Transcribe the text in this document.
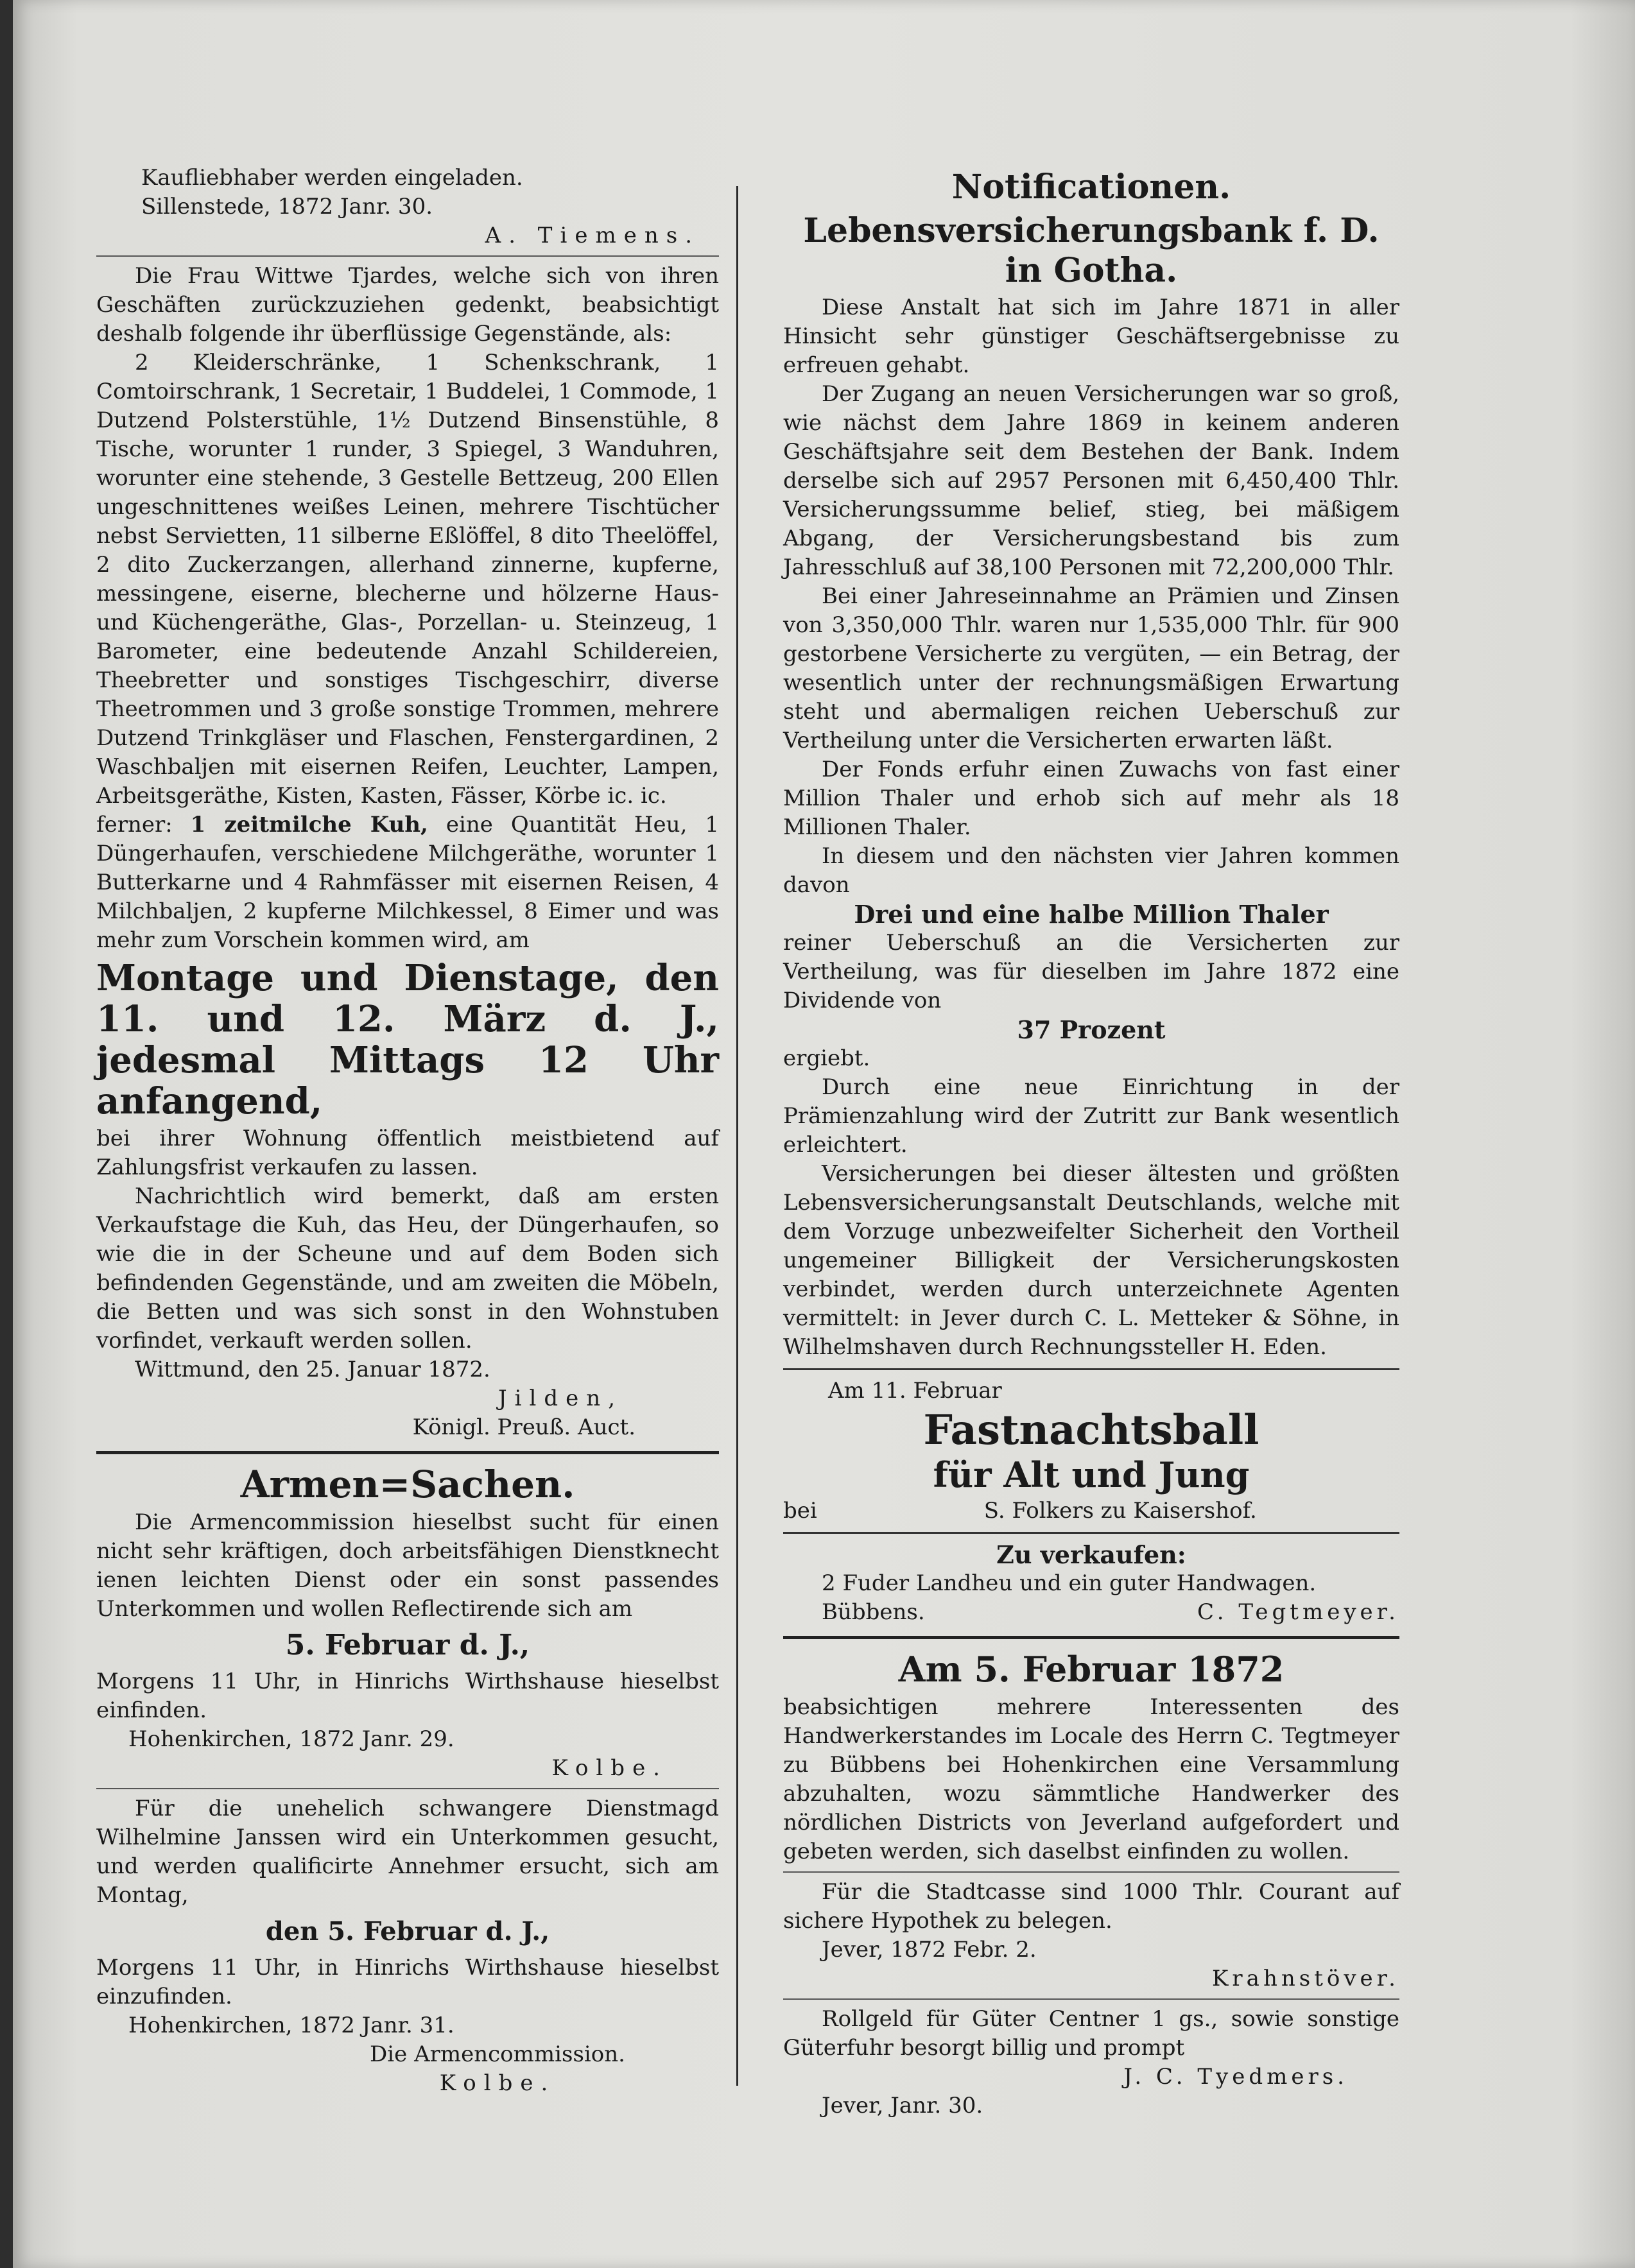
Kaufliebhaber werden eingeladen.

Sillenstede, 1872 Janr. 30.

A. Tiemens.

Die Frau Wittwe Tjardes, welche sich von ihren Geschäften zurückzuziehen gedenkt, beabsichtigt deshalb folgende ihr überflüssige Gegenstände, als:

2 Kleiderschränke, 1 Schenkschrank, 1 Comtoirschrank, 1 Secretair, 1 Buddelei, 1 Commode, 1 Dutzend Polsterstühle, 1½ Dutzend Binsenstühle, 8 Tische, worunter 1 runder, 3 Spiegel, 3 Wanduhren, worunter eine stehende, 3 Gestelle Bettzeug, 200 Ellen ungeschnittenes weißes Leinen, mehrere Tischtücher nebst Servietten, 11 silberne Eßlöffel, 8 dito Theelöffel, 2 dito Zuckerzangen, allerhand zinnerne, kupferne, messingene, eiserne, blecherne und hölzerne Haus- und Küchengeräthe, Glas-, Porzellan- u. Steinzeug, 1 Barometer, eine bedeutende Anzahl Schildereien, Theebretter und sonstiges Tischgeschirr, diverse Theetrommen und 3 große sonstige Trommen, mehrere Dutzend Trinkgläser und Flaschen, Fenstergardinen, 2 Waschbaljen mit eisernen Reifen, Leuchter, Lampen, Arbeitsgeräthe, Kisten, Kasten, Fässer, Körbe ic. ic.

ferner: 1 zeitmilche Kuh, eine Quantität Heu, 1 Düngerhaufen, verschiedene Milchgeräthe, worunter 1 Butterkarne und 4 Rahmfässer mit eisernen Reisen, 4 Milchbaljen, 2 kupferne Milchkessel, 8 Eimer und was mehr zum Vorschein kommen wird, am

Montage und Dienstage, den 11. und 12. März d. J., jedesmal Mittags 12 Uhr anfangend,

bei ihrer Wohnung öffentlich meistbietend auf Zahlungsfrist verkaufen zu lassen.

Nachrichtlich wird bemerkt, daß am ersten Verkaufstage die Kuh, das Heu, der Düngerhaufen, so wie die in der Scheune und auf dem Boden sich befindenden Gegenstände, und am zweiten die Möbeln, die Betten und was sich sonst in den Wohnstuben vorfindet, verkauft werden sollen.

Wittmund, den 25. Januar 1872.

Jilden,

Königl. Preuß. Auct.

Armen=Sachen.

Die Armencommission hieselbst sucht für einen nicht sehr kräftigen, doch arbeitsfähigen Dienstknecht ienen leichten Dienst oder ein sonst passendes Unterkommen und wollen Reflectirende sich am

5. Februar d. J.,

Morgens 11 Uhr, in Hinrichs Wirthshause hieselbst einfinden.

Hohenkirchen, 1872 Janr. 29.

Kolbe.

Für die unehelich schwangere Dienstmagd Wilhelmine Janssen wird ein Unterkommen gesucht, und werden qualificirte Annehmer ersucht, sich am Montag,

den 5. Februar d. J.,

Morgens 11 Uhr, in Hinrichs Wirthshause hieselbst einzufinden.

Hohenkirchen, 1872 Janr. 31.

Die Armencommission.

Kolbe.

Notificationen.

Lebensversicherungsbank f. D. in Gotha.

Diese Anstalt hat sich im Jahre 1871 in aller Hinsicht sehr günstiger Geschäftsergebnisse zu erfreuen gehabt.

Der Zugang an neuen Versicherungen war so groß, wie nächst dem Jahre 1869 in keinem anderen Geschäftsjahre seit dem Bestehen der Bank. Indem derselbe sich auf 2957 Personen mit 6,450,400 Thlr. Versicherungssumme belief, stieg, bei mäßigem Abgang, der Versicherungsbestand bis zum Jahresschluß auf 38,100 Personen mit 72,200,000 Thlr.

Bei einer Jahreseinnahme an Prämien und Zinsen von 3,350,000 Thlr. waren nur 1,535,000 Thlr. für 900 gestorbene Versicherte zu vergüten, — ein Betrag, der wesentlich unter der rechnungsmäßigen Erwartung steht und abermaligen reichen Ueberschuß zur Vertheilung unter die Versicherten erwarten läßt.

Der Fonds erfuhr einen Zuwachs von fast einer Million Thaler und erhob sich auf mehr als 18 Millionen Thaler.

In diesem und den nächsten vier Jahren kommen davon

Drei und eine halbe Million Thaler

reiner Ueberschuß an die Versicherten zur Vertheilung, was für dieselben im Jahre 1872 eine Dividende von

37 Prozent

ergiebt.

Durch eine neue Einrichtung in der Prämienzahlung wird der Zutritt zur Bank wesentlich erleichtert.

Versicherungen bei dieser ältesten und größten Lebensversicherungsanstalt Deutschlands, welche mit dem Vorzuge unbezweifelter Sicherheit den Vortheil ungemeiner Billigkeit der Versicherungskosten verbindet, werden durch unterzeichnete Agenten vermittelt: in Jever durch C. L. Metteker & Söhne, in Wilhelmshaven durch Rechnungssteller H. Eden.

Am 11. Februar

Fastnachtsball

für Alt und Jung

bei	S. Folkers zu Kaisershof.

Zu verkaufen:

2 Fuder Landheu und ein guter Handwagen.

Bübbens.	C. Tegtmeyer.

Am 5. Februar 1872

beabsichtigen mehrere Interessenten des Handwerkerstandes im Locale des Herrn C. Tegtmeyer zu Bübbens bei Hohenkirchen eine Versammlung abzuhalten, wozu sämmtliche Handwerker des nördlichen Districts von Jeverland aufgefordert und gebeten werden, sich daselbst einfinden zu wollen.

Für die Stadtcasse sind 1000 Thlr. Courant auf sichere Hypothek zu belegen.

Jever, 1872 Febr. 2.

Krahnstöver.

Rollgeld für Güter Centner 1 gs., sowie sonstige Güterfuhr besorgt billig und prompt

J. C. Tyedmers.

Jever, Janr. 30.
